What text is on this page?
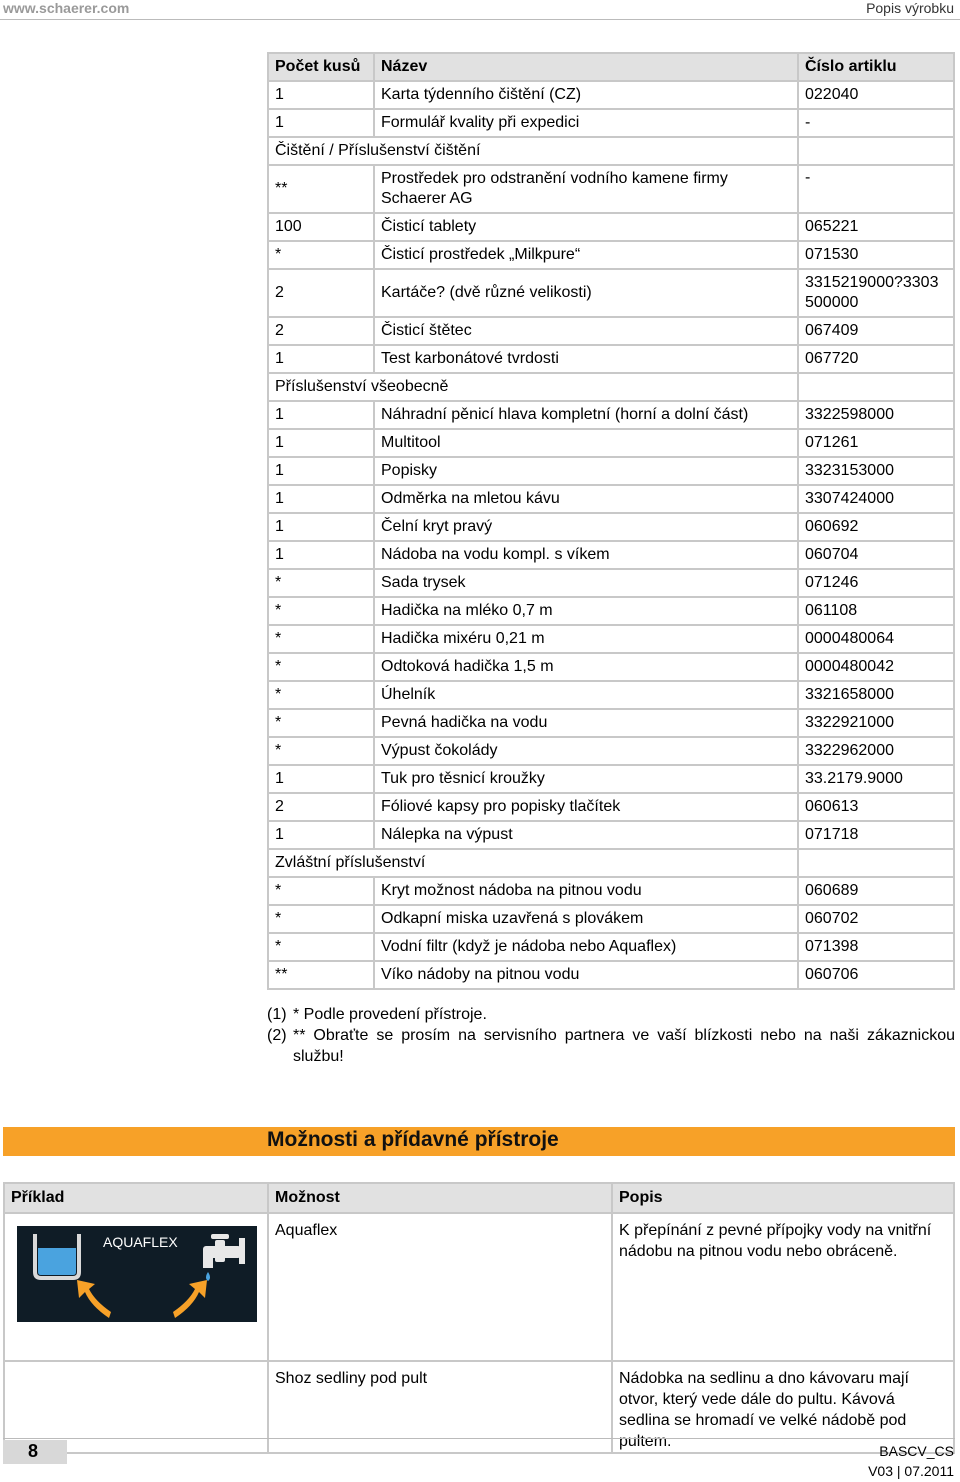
www.schaerer.com	Popis výrobku
Počet kusů	Název	Číslo artiklu
1	Karta týdenního čištění (CZ)	022040
1	Formulář kvality při expedici	-
Čištění / Příslušenství čištění		
**	Prostředek pro odstranění vodního kamene firmy Schaerer AG	-
100	Čisticí tablety	065221
*	Čisticí prostředek „Milkpure“	071530
2	Kartáče? (dvě různé velikosti)	3315219000?3303 500000
2	Čisticí štětec	067409
1	Test karbonátové tvrdosti	067720
Příslušenství všeobecně		
1	Náhradní pěnicí hlava kompletní (horní a dolní část)	3322598000
1	Multitool	071261
1	Popisky	3323153000
1	Odměrka na mletou kávu	3307424000
1	Čelní kryt pravý	060692
1	Nádoba na vodu kompl. s víkem	060704
*	Sada trysek	071246
*	Hadička na mléko 0,7 m	061108
*	Hadička mixéru 0,21 m	0000480064
*	Odtoková hadička 1,5 m	0000480042
*	Úhelník	3321658000
*	Pevná hadička na vodu	3322921000
*	Výpust čokolády	3322962000
1	Tuk pro těsnicí kroužky	33.2179.9000
2	Fóliové kapsy pro popisky tlačítek	060613
1	Nálepka na výpust	071718
Zvláštní příslušenství		
*	Kryt možnost nádoba na pitnou vodu	060689
*	Odkapní miska uzavřená s plovákem	060702
*	Vodní filtr (když je nádoba nebo Aquaflex)	071398
**	Víko nádoby na pitnou vodu	060706
(1) * Podle provedení přístroje.
(2) ** Obraťte se prosím na servisního partnera ve vaší blízkosti nebo na naši zákaznickou službu!
Možnosti a přídavné přístroje
Příklad	Možnost	Popis

AQUAFLEX	Aquaflex	K přepínání z pevné přípojky vody na vnitřní nádobu na pitnou vodu nebo obráceně.
	Shoz sedliny pod pult	Nádobka na sedlinu a dno kávovaru mají otvor, který vede dále do pultu. Kávová sedlina se hromadí ve velké nádobě pod pultem.
8	BASCV_CS
V03 | 07.2011
